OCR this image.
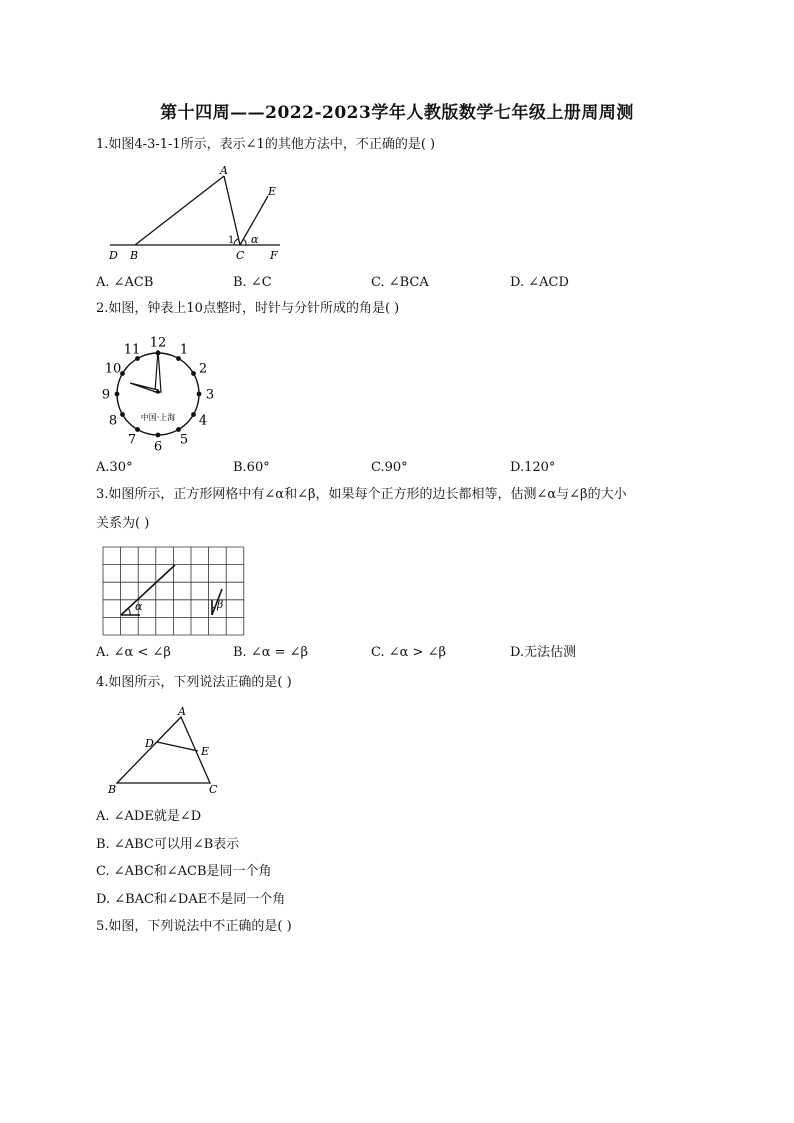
第十四周——2022-2023学年人教版数学七年级上册周周测
1.如图4-3-1-1所示，表示∠1的其他方法中，不正确的是( )
A
B	C
D
E
F
1 α
A. ∠ACB	B. ∠C	C. ∠BCA	D. ∠ACD
2.如图，钟表上10点整时，时针与分针所成的角是( )
12 1
2
3
4
5
6
7
8
9
10
11
中国·上海
A.30°	B.60°	C.90°	D.120°
3.如图所示，正方形网格中有∠α和∠β，如果每个正方形的边长都相等，估测∠α与∠β的大小
关系为( )
α	β
A. ∠α < ∠β	B. ∠α = ∠β	C. ∠α > ∠β	D.无法估测
4.如图所示，下列说法正确的是( )
A
B	C
D
E
A. ∠ADE就是∠D
B. ∠ABC可以用∠B表示
C. ∠ABC和∠ACB是同一个角
D. ∠BAC和∠DAE不是同一个角
5.如图，下列说法中不正确的是( )
